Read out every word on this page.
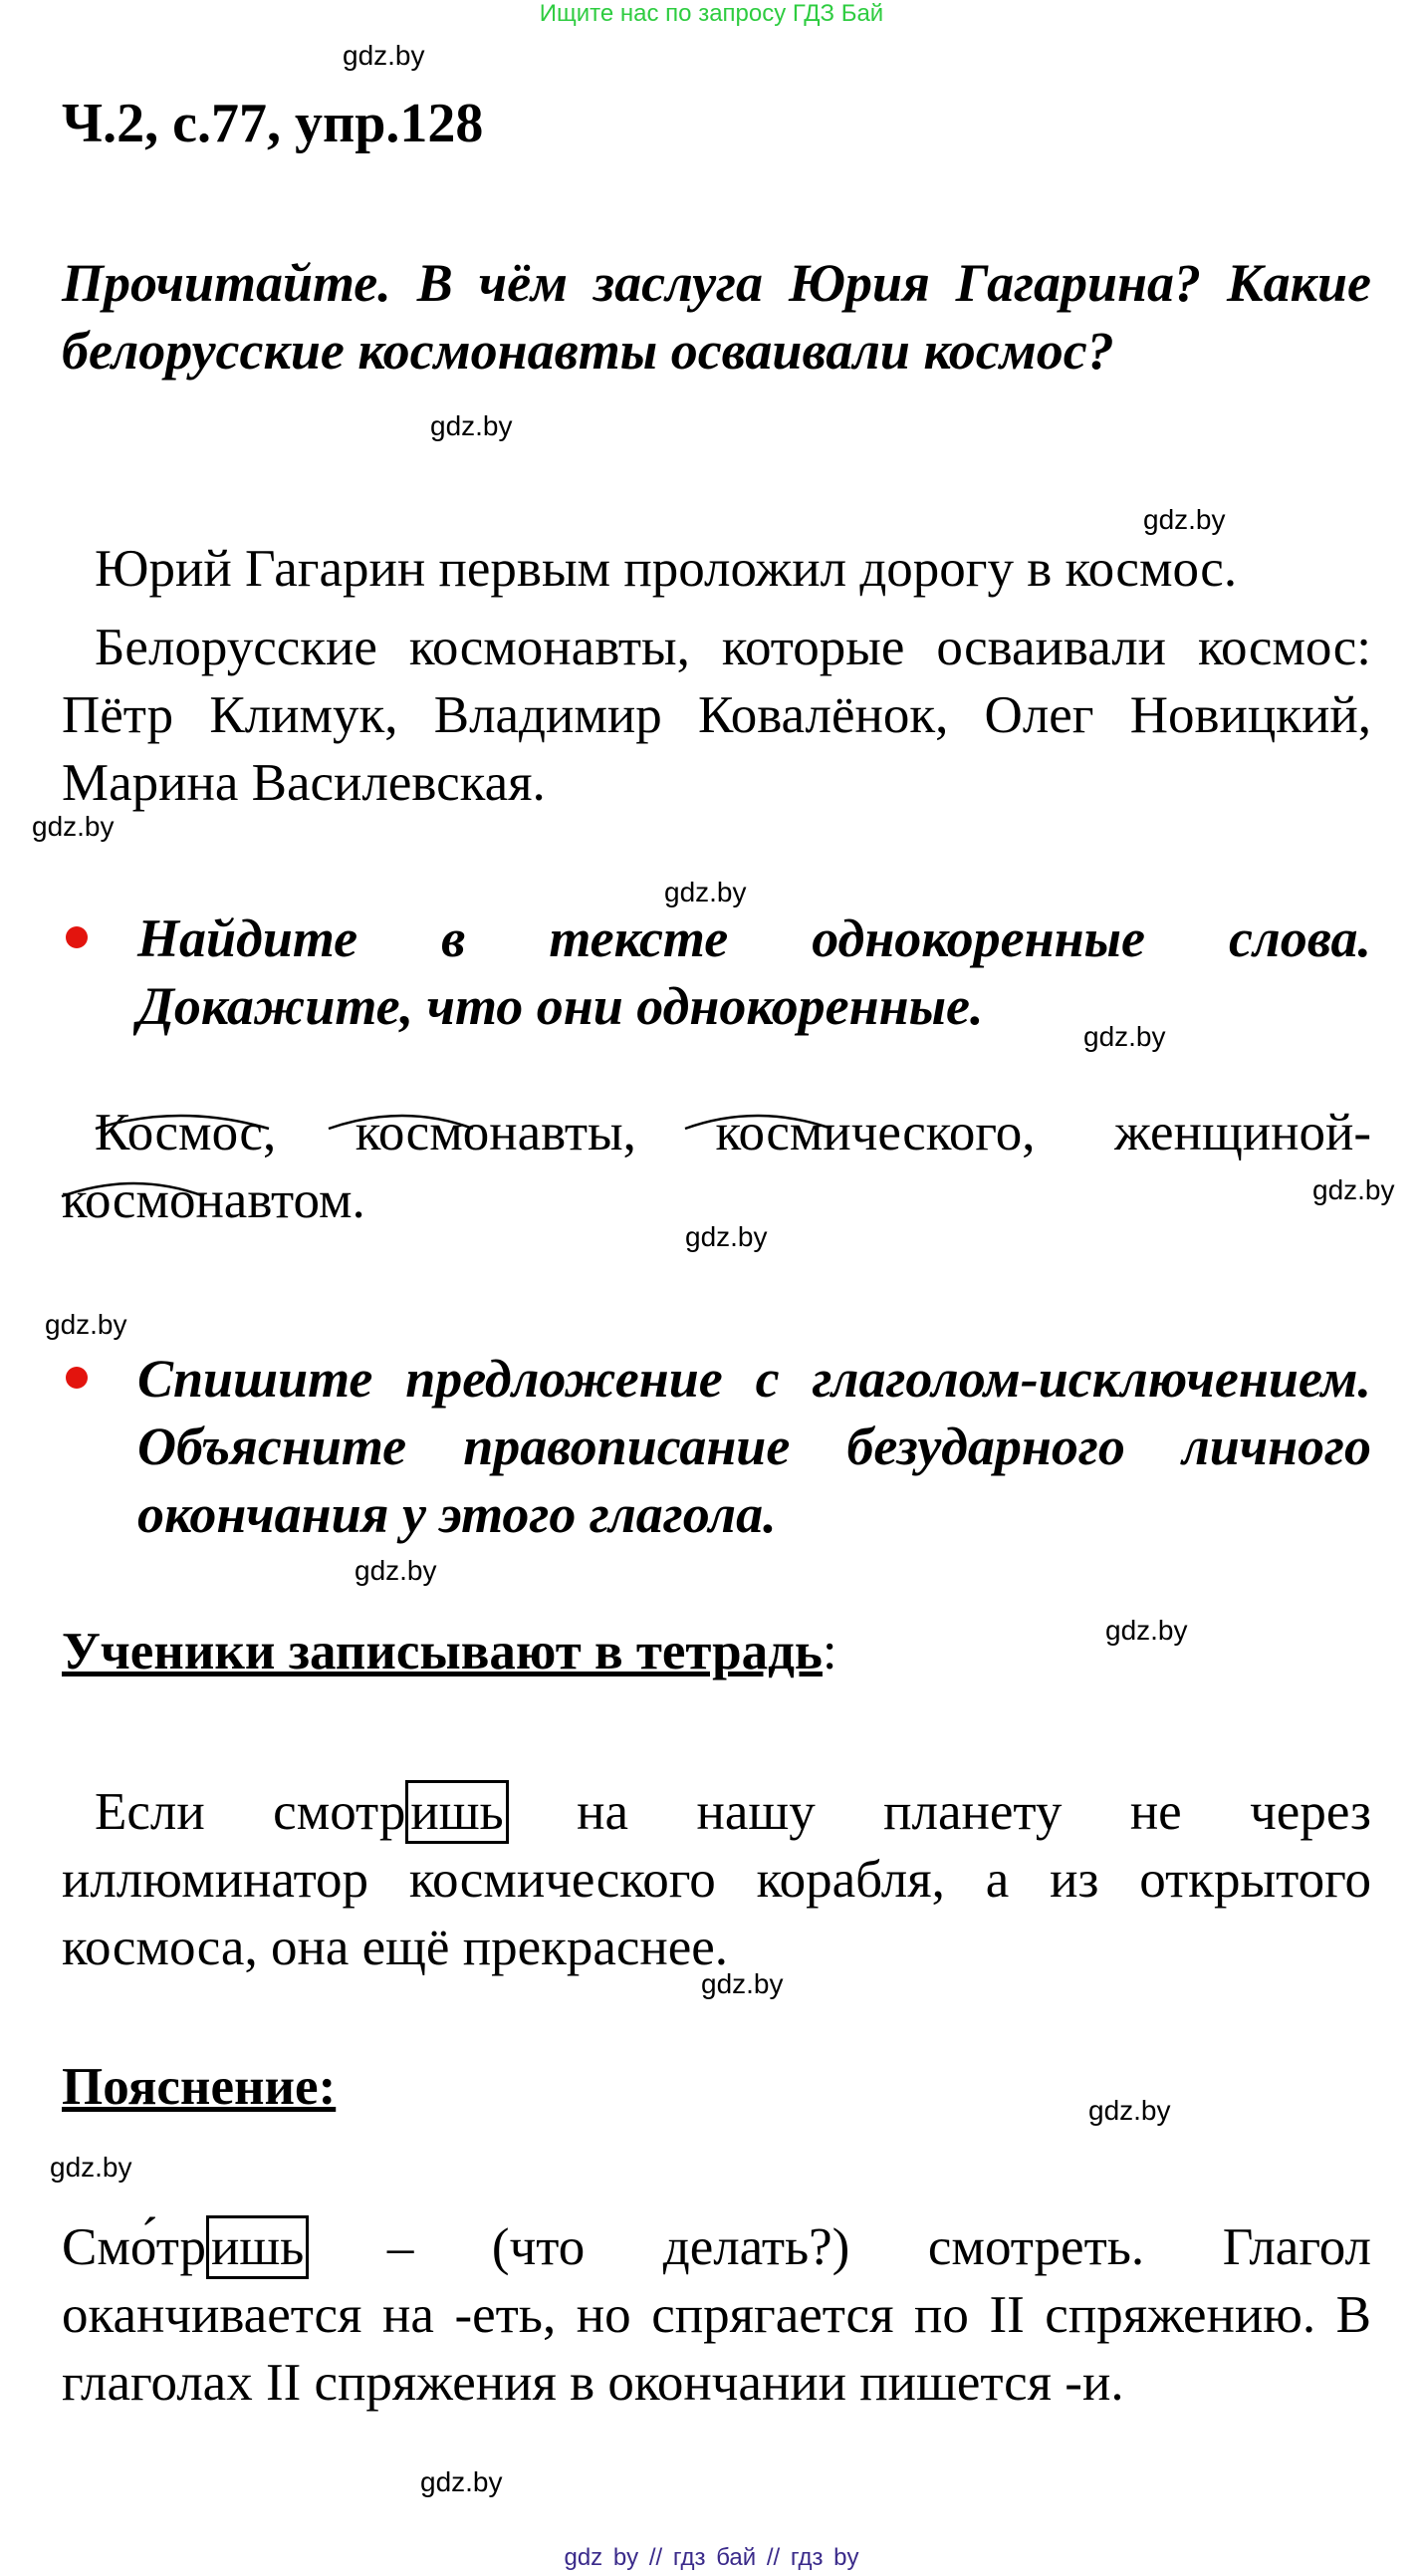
Ищите нас по запросу ГДЗ Бай
gdz.by
gdz.by
gdz.by
gdz.by
gdz.by
gdz.by
gdz.by
gdz.by
gdz.by
gdz.by
gdz.by
gdz.by
gdz.by
gdz.by
gdz.by
Ч.2, с.77, упр.128
Прочитайте. В чём заслуга Юрия Гагарина? Какие белорусские космонавты осваивали космос?
Юрий Гагарин первым проложил дорогу в космос.
Белорусские космонавты, которые осваивали космос: Пётр Климук, Владимир Ковалёнок, Олег Новицкий, Марина Василевская.
Найдите в тексте однокоренные слова. Докажите, что они однокоренные.
Космос, космонавты, космического, женщиной-
космонавтом.
Спишите предложение с глаголом-исключением. Объясните правописание безударного личного окончания у этого глагола.
Ученики записывают в тетрадь:
Если смотришь на нашу планету не через
иллюминатор космического корабля, а из открытого космоса, она ещё прекраснее.
Пояснение:
Смо́тришь – (что делать?) смотреть. Глагол
оканчивается на -еть, но спрягается по II спряжению. В глаголах II спряжения в окончании пишется -и.
gdz by // гдз бай // гдз by
